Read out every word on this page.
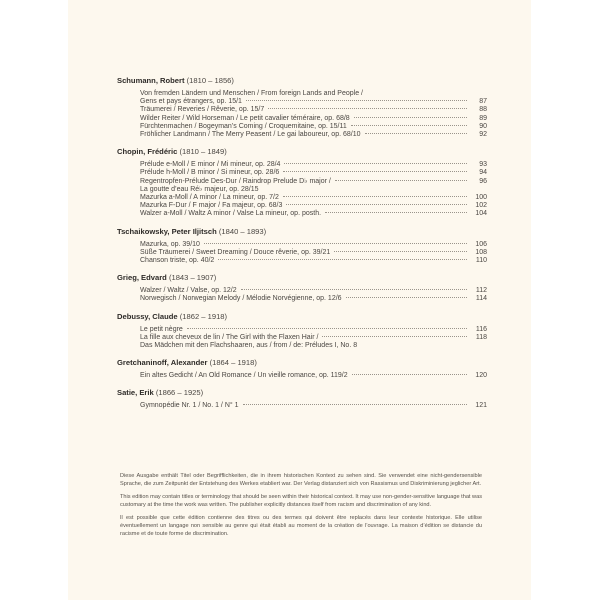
Schumann, Robert (1810 – 1856)
Von fremden Ländern und Menschen / From foreign Lands and People /
Gens et pays étrangers, op. 15/1	87
Träumerei / Reveries / Rêverie, op. 15/7	88
Wilder Reiter / Wild Horseman / Le petit cavalier téméraire, op. 68/8	89
Fürchtenmachen / Bogeyman’s Coming / Croquemitaine, op. 15/11	90
Fröhlicher Landmann / The Merry Peasent / Le gai laboureur, op. 68/10	92
Chopin, Frédéric (1810 – 1849)
Prélude e-Moll / E minor / Mi mineur, op. 28/4	93
Prélude h-Moll / B minor / Si mineur, op. 28/6	94
Regentropfen-Prélude Des-Dur / Raindrop Prelude D♭ major /	96
La goutte d’eau Ré♭ majeur, op. 28/15
Mazurka a-Moll / A minor / La mineur, op. 7/2	100
Mazurka F-Dur / F major / Fa majeur, op. 68/3	102
Walzer a-Moll / Waltz A minor / Valse La mineur, op. posth.	104
Tschaikowsky, Peter Iljitsch (1840 – 1893)
Mazurka, op. 39/10	106
Süße Träumerei / Sweet Dreaming / Douce rêverie, op. 39/21	108
Chanson triste, op. 40/2	110
Grieg, Edvard (1843 – 1907)
Walzer / Waltz / Valse, op. 12/2	112
Norwegisch / Norwegian Melody / Mélodie Norvégienne, op. 12/6	114
Debussy, Claude (1862 – 1918)
Le petit nègre	116
La fille aux cheveux de lin / The Girl with the Flaxen Hair /	118
Das Mädchen mit den Flachshaaren, aus / from / de: Préludes I, No. 8
Gretchaninoff, Alexander (1864 – 1918)
Ein altes Gedicht / An Old Romance / Un vieille romance, op. 119/2	120
Satie, Erik (1866 – 1925)
Gymnopédie Nr. 1 / No. 1 / N° 1	121

Diese Ausgabe enthält Titel oder Begrifflichkeiten, die in ihrem historischen Kontext zu sehen sind. Sie verwendet eine nicht-gendersensible Sprache, die zum Zeitpunkt der Entstehung des Werkes etabliert war. Der Verlag distanziert sich von Rassismus und Diskriminierung jeglicher Art.

This edition may contain titles or terminology that should be seen within their historical context. It may use non-gender-sensitive language that was customary at the time the work was written. The publisher explicitly distances itself from racism and discrimination of any kind.

Il est possible que cette édition contienne des titres ou des termes qui doivent être replacés dans leur contexte historique. Elle utilise éventuellement un langage non sensible au genre qui était établi au moment de la création de l’ouvrage. La maison d’édition se distancie du racisme et de toute forme de discrimination.
